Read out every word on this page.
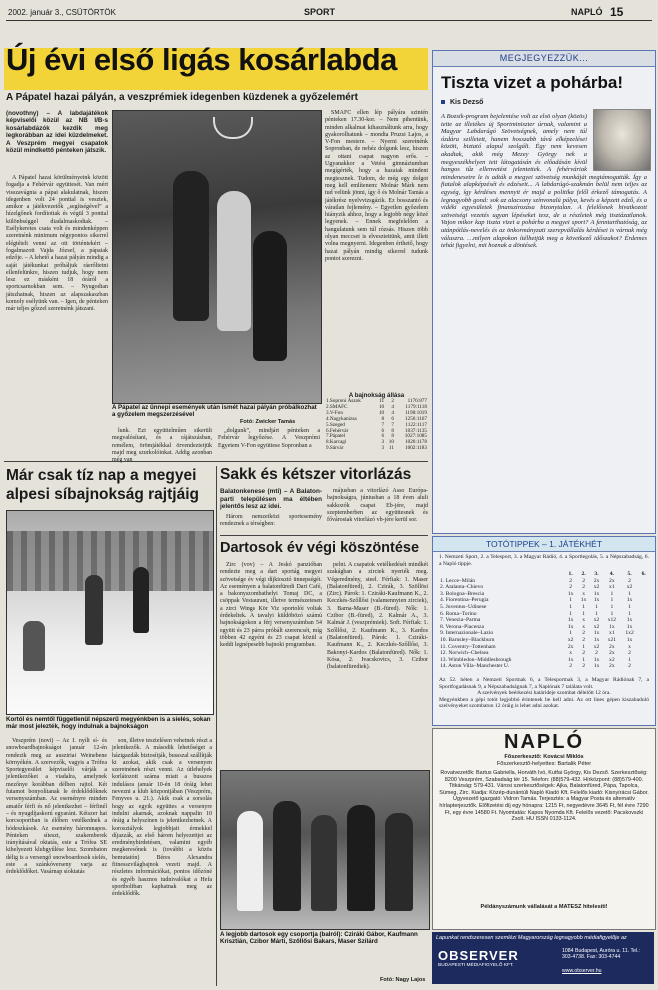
2002. január 3., CSÜTÖRTÖK	SPORT	NAPLÓ 15
Új évi első ligás kosárlabda
A Pápatel hazai pályán, a veszprémiek idegenben küzdenek a győzelemért
(novothny) – A labdajátékok képviselői közül az NB I/B-s kosárlabdázók kezdik meg legkorábban az idei küzdelmeket. A Veszprém megyei csapatok közül mindkettő pénteken játszik.

A Pápatel hazai körülményeink között fogadja a Fehérvár együttesét. Van mért visszavágnia a pápai alakulatnak, hiszen idegenben volt 24 ponttal is vesztek, amikor a játékvezetők „segítségével” a hízelgőnek fordítottak és végül 3 ponttal különbséggel diadalmaskodtak. – Esélykeretes csata volt és mindenképpen szeretnénk minimum négypontos sikerrel elégtételt venni az ott történtekért – fogalmazott Vajda József, a pápaiak edzője. – A lehető a hazai pályán mindig a saját játékunkat próbáljuk ráerőltetni ellenfelünkre, hiszen tudjuk, hogy nem lesz ez másként 18 óráról a sportcsarnokban sem. – Nyugodtan játszhatnak, hiszen az alapszakaszban komoly esélyünk van. – Igen, de pénteken már teljes gőzzel szeretnénk játszani.

A Pápatel az ünnepi események után ismét hazai pályán próbálkozhat a győzelem megszerzésével
Fotó: Zwicker Tamás

lunk. Ezt együttelműen sikerült megvalósítani, és a rájátszásban, remélem, örömjátékkal örvendeztetjük majd meg szurkolóinkat. Addig azonban

„dolgunk”, mindjárt pénteken a Fehérvár legyőzése. A Veszprémi Egyetem V-Fon együttese Sopronban a

SMAFC ellen lép pályára szintén pénteken 17.30-kor. – Nem pihentünk, minden alkalmat kihasználtunk arra, hogy gyakorolhatunk – mondta Pruzsi Lajos, a V-Fon mestere. – Nyerni szeretnénk Sopronban, de nehéz dolgunk lesz, hiszen az ottani csapat nagyon erős. – Ugyanakkor a Vetési gimnáziumban megígérték, hogy a hazaiak mindent megtesznek. Tudom, de még egy dolgot meg kell említenem: Molnár Márk nem tud velünk jönni, így ő és Molnár Tamás a játékrész nyelvvizsgázik. Ez bosszantó és váratlan fejlemény. – Egyetlen győzelem hiányzik ahhoz, hogy a legjobb négy közé legyenek. – Ennek megfelelően a hangulatunk sem túl rózsás. Hiszen több olyan meccset is elvesztettünk, amit illett volna megnyerni. Idegenben érthető, hogy hazai pályán mindig sikerrel tudunk pontot szerezni.

A bajnokság állása
1.Soproni Ászok	11	2	1176:877
2.SMAFC	10	4	1179:1118
3.V-Fon	10	4	1198:1019
4.Nagykanizsa	8	6	1256:1167
5.Szeged	7	7	1122:1117
6.Fehérvár	6	8	1037:1135
7.Pápatel	6	8	1027:1085
8.Karcagi	3	10	1026:1178
9.Sárvár	3	11	1002:1183
Már csak tíz nap a megyei alpesi síbajnokság rajtjáig
Kortól és nemtől függetlenül népszerű megyénkben is a síelés, sokan már most jelezték, hogy indulnak a bajnokságon

Veszprém (novi) – Az I. nyílt sí- és snowboardbajnokságot január 12-én rendezik meg az ausztriai Weinebene környékén. A szervezők, vagyis a Trófea Sportegyesület képviselői várják a jelentkezőket a viadalra, amelynek mezőnye korábban délben rajtol. Két futamot bonyolítanak le érdeklődőknek versenyszámban. Az eseményre minden amatőr férfi és nő jelentkezhet – férfinél – és nyugdíjaskorú egyaránt. Kétszer hat korcsoportban is élőben vetélkednek a hódeszkások. Az esemény háromnapos. Pénteken síteszt, szakemberek irányításával oktatás, este a Trófea SE kihelyezett klubgyűlése lesz. Szombaton délig is a versengő snowboardosok síelés, este a szánkóverseny varja az érdeklődőket. Vasárnap síoktatás

son, illetve tesztelésen vehetnek részt a jelentkezők. A második lehetőséget a házigazdák biztosítják, bussszal szállítják ki azokat, akik csak a versenyen szeretnének részt venni. Az útlehelyek korlátozott száma miatt a busszos indulásra január 10-én 18 óráig lehet nevezni a klub központjában (Veszprém, Fenyves u. 21.). Akik csak a sorsolás hogy az egyik együttes a versenyre indulni akarnak, azoknak nappalin 10 óráig a helyszínen is jelentkezhetnek. A korosztályok legjobbjait érmekkel díjazzák, az első három helyezettjei az eredményhirdetésen, valamint egyéb megkeresőnek is (további a közös bemutatón) Béres Alexandra fitnesszvilágbajnok vezeti majd. A részletes információkat, pontos időzóné és egyéb hasznos tudnivalókat a Hefa sportboltban kaphatnak meg az érdeklődők.

Sakk és kétszer vitorlázás
Balatonkenese (mti) – A Balaton-parti településen ma éltében jelentős lesz az idei.

Három nemzetközi sportesemény rendeznek a térségben:

májusban a vitorlázó Asso Európa-bajnokságra, júniusban a 18 éven aluli sakkozók csapat Eb-jére, majd szeptemberben az együttesnek és fővárosiak vitorlázó vb-jére kerül sor.

Dartosok év végi köszöntése

Zirc (vov) – A Jeskó panzióban rendezte meg a dart sportág megyei szövetsége év végi díjkiosztó ünnepségét. Az eseményen a balatonfüredi Dart Café, a bakonyszombathelyi Tomaj DC, a csöppak Vestaurant, illetve természetesen a zirci Wings Kör Viz sportolói voltak érdekeltek. A tavalyi küldöbözó számú bajnokságokon a férj versenyszámban 54 együtt és 23 párra próbált szerencsét, míg többen 42 egyéni és 23 csapat közül a keddi legnépesebb bajnoki programban.

pelni. A csapatok vetélkedését mindkét szakágban a zirciek nyerték meg. Végeredmény, steel. Férfiak: 1. Maser (Balatonfüred), 2. Czirák, 3. Szöllösi (Zirc). Párok: 1. Cziráki-Kaufmann K., 2. Keczkés-Szőllősi (valamennyien zirciek), 3. Barna-Maser (B.-füred). Nők: 1. Czibor (B.-füred), 2. Kalmár A., 3. Kalmár J. (veszprémiek). Soft. Férfiak: 1. Szőllősi, 2. Kaufmann K., 3. Kardos (Balatonfüred). Párok: 1. Cziráki-Kaufmann K., 2. Keczkés-Szőllősi, 3. Bakonyi-Kardos (Balatonfüred). Nők: 1. Kósa, 2. Ivacskovics, 3. Czibor (balatonfürediek).

A legjobb dartosok egy csoportja (balról): Cziráki Gábor, Kaufmann Krisztián, Czibor Márti, Szőllősi Bakars, Maser Szilárd
Fotó: Nagy Lajos
MEGJEGYEZZÜK...
Tiszta vizet a pohárba!
Kis Dezső
A Bozsik-program bejelentése volt az elsö olyan (közös) tette az illetékes új Sportminiszter úrnak, valamint a Magyar Labdarúgó Szövetségnek, amely nem túl ózdára szilletett, hanem hosszabb távú elképzelései között, biztató alapul szolgált. Égy nem kevesen akadtak, akik még Mezey György nek a megyeszékhelyen tett látogatásán és előadásán kívül hangos tűz ellenvetést jelentettek. A fehérváriak mindenesetre le is adták a megyei szövetség munkáját megtámogatták. Így a fiatalok alapképzését és edzéseit... A labdarúgó-szakmán belül nem teljes az egység, így kérdéses mennyit ér majd a politika felől érkező támogatás. A legnagyobb gond: sok az alacsony színvonalú pálya, kevés a képzett edző, és a vidéki egyesületek finanszírozása bizonytalan. A felelősnek hivatkozott szövetségi vezetés ugyan lépéseket tesz, de a részletek még tisztázatlanok. Vajon mikor kap tiszta vizet a pohárba a megyei sport? A fenntarthatóság, az utánpótlás-nevelés és az önkormányzati szerepvállalás kérdései is várnak még válaszra. …milyen alapokon ítélhetjük meg a következő időszakot? Érdemes tehát figyelni, mit hoznak a döntések.
TOTÓTIPPEK – 1. JÁTÉKHÉT
1. Nemzeti Sport, 2. a Telesport, 3. a Magyar Rádió, 4. a Sportlegolás, 5. a Népszabadság, 6. a Napló tippje.
	1.	2.	3.	4.	5.	6.
1. Lecce–Milán	2	2	2x	2x	2	
2. Atalanta–Chievo	2	2	x2	x1	x2	
3. Bologna–Brescia	1x	x	1x	1	1	
4. Fiorentina–Perugia	1	1x	1x	1	1x	
5. Juventus–Udinese	1	1	1	1	1	
6. Roma–Torino	1	1	1	1	1	
7. Venezia–Parma	1x	x	x2	x12	1x	
8. Verona–Piacenza	1x	x	x2	1x	1x	
9. Internazionale–Lazio	1	2	1x	x1	1x2	
10. Barnsley–Blackburn	x2	2	1x	x21	1x	
11. Coventry–Tottenham	2x	1	x2	2x	x	
12. Norwich–Chelsea	x	2	2	2x	2	
13. Wimbledon–Middlesbrough	1x	1	1x	x2	1	
14. Aston Villa–Manchester U.	2	2	1x	2x	2	
Az 52. héten a Nemzeti Sportnak 6, a Telesportnak 3, a Magyar Rádiónak 7, a Sportfogadásnak 9, a Népszabadságnak 7, a Naplónak 7 találata volt.
A szelvények beérkezési határideje szombat délelőtt 12 óra.
Megyénkben a gépi totót legjobbó érintenek be kell adni. Az ott lines gépen kiszabaduló szelvényeket szombaton 12 óráig is lehet adni azokat.
NAPLÓ
Főszerkesztő: Kovácsi Miklós
Főszerkesztő-helyettes: Bartalik Péter
Rovatvezetők: Bartus Gabriella, Horváth Ivó, Kutfai György, Kis Dezső. Szerkesztőség: 8200 Veszprém, Szabadság tér 15. Telefon: (88)579-432. Hírközpont: (88)579-400. Titkárság: 579-431. Városi szerkesztőségek: Ajka, Balatonfüred, Pápa, Tapolca, Sümeg, Zirc. Kiadja: Közép-dunántúli Napló Kiadó Kft. Felelős kiadó: Kisnyírácsi Gábor. Ügyvezető igazgató: Vidron Tamás. Terjesztés: a Magyar Posta és alternatív hírlapterjesztők. Előfizetési díj egy hónapra: 1215 Ft, negyedévre 3645 Ft, fél évre 7290 Ft, egy évre 14580 Ft. Nyomtatás: Kapos Nyomda Kft. Felelős vezető: Pacskovszki Zsolt. HU ISSN 0133-1124.
Példányszámunk vállalását a MATESZ hitelesíti!
Lapunkat rendszeresen szemlézi Magyarország legnagyobb médiafigyelője az
OBSERVER
BUDAPESTI MÉDIAFIGYELŐ KFT.
1084 Budapest, Auróra u. 11. Tel.: 303-4738. Fax: 303-4744
www.observer.hu
